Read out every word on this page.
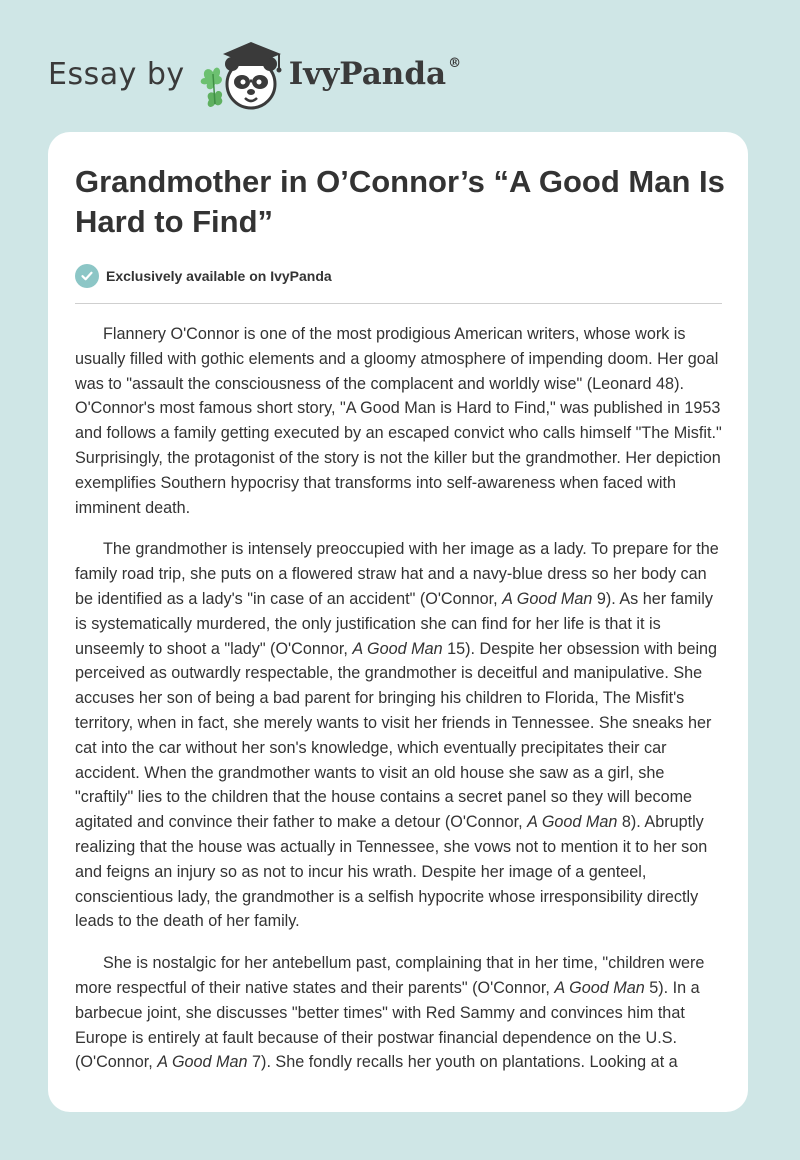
Essay by	IvyPanda ®
Grandmother in O’Connor’s “A Good Man Is Hard to Find”
Exclusively available on IvyPanda

Flannery O'Connor is one of the most prodigious American writers, whose work is usually filled with gothic elements and a gloomy atmosphere of impending doom. Her goal was to "assault the consciousness of the complacent and worldly wise" (Leonard 48). O'Connor's most famous short story, "A Good Man is Hard to Find," was published in 1953 and follows a family getting executed by an escaped convict who calls himself "The Misfit." Surprisingly, the protagonist of the story is not the killer but the grandmother. Her depiction exemplifies Southern hypocrisy that transforms into self-awareness when faced with imminent death.

The grandmother is intensely preoccupied with her image as a lady. To prepare for the family road trip, she puts on a flowered straw hat and a navy-blue dress so her body can be identified as a lady's "in case of an accident" (O'Connor, A Good Man 9). As her family is systematically murdered, the only justification she can find for her life is that it is unseemly to shoot a "lady" (O'Connor, A Good Man 15). Despite her obsession with being perceived as outwardly respectable, the grandmother is deceitful and manipulative. She accuses her son of being a bad parent for bringing his children to Florida, The Misfit's territory, when in fact, she merely wants to visit her friends in Tennessee. She sneaks her cat into the car without her son's knowledge, which eventually precipitates their car accident. When the grandmother wants to visit an old house she saw as a girl, she "craftily" lies to the children that the house contains a secret panel so they will become agitated and convince their father to make a detour (O'Connor, A Good Man 8). Abruptly realizing that the house was actually in Tennessee, she vows not to mention it to her son and feigns an injury so as not to incur his wrath. Despite her image of a genteel, conscientious lady, the grandmother is a selfish hypocrite whose irresponsibility directly leads to the death of her family.

She is nostalgic for her antebellum past, complaining that in her time, "children were more respectful of their native states and their parents" (O'Connor, A Good Man 5). In a barbecue joint, she discusses "better times" with Red Sammy and convinces him that Europe is entirely at fault because of their postwar financial dependence on the U.S. (O'Connor, A Good Man 7). She fondly recalls her youth on plantations. Looking at a
